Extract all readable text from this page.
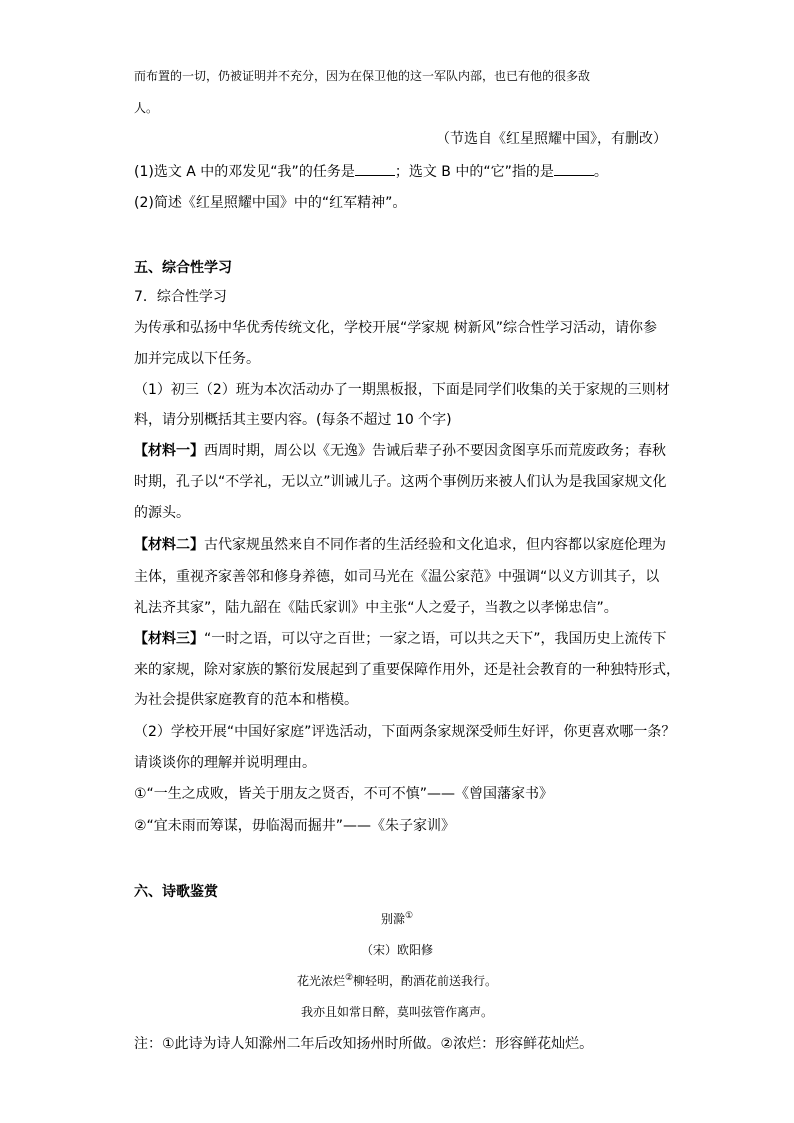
而布置的一切，仍被证明并不充分，因为在保卫他的这一军队内部，也已有他的很多敌
人。
（节选自《红星照耀中国》，有删改）
(1)选文 A 中的邓发见“我”的任务是	；选文 B 中的“它”指的是	。
(2)简述《红星照耀中国》中的“红军精神”。
五、综合性学习
7．综合性学习
为传承和弘扬中华优秀传统文化，学校开展“学家规 树新风”综合性学习活动，请你参
加并完成以下任务。
（1）初三（2）班为本次活动办了一期黑板报，下面是同学们收集的关于家规的三则材
料，请分别概括其主要内容。(每条不超过 10 个字)
【材料一】西周时期，周公以《无逸》告诫后辈子孙不要因贪图享乐而荒废政务；春秋
时期，孔子以“不学礼，无以立”训诫儿子。这两个事例历来被人们认为是我国家规文化
的源头。
【材料二】古代家规虽然来自不同作者的生活经验和文化追求，但内容都以家庭伦理为
主体，重视齐家善邻和修身养德，如司马光在《温公家范》中强调“以义方训其子，以
礼法齐其家”，陆九韶在《陆氏家训》中主张“人之爱子，当教之以孝悌忠信”。
【材料三】“一时之语，可以守之百世；一家之语，可以共之天下”，我国历史上流传下
来的家规，除对家族的繁衍发展起到了重要保障作用外，还是社会教育的一种独特形式，
为社会提供家庭教育的范本和楷模。
（2）学校开展“中国好家庭”评选活动，下面两条家规深受师生好评，你更喜欢哪一条？
请谈谈你的理解并说明理由。
①“一生之成败，皆关于朋友之贤否，不可不慎”——《曾国藩家书》
②“宜未雨而筹谋，毋临渴而掘井”——《朱子家训》
六、诗歌鉴赏
别滁①
（宋）欧阳修
花光浓烂②柳轻明，酌酒花前送我行。
我亦且如常日醉，莫叫弦管作离声。
注：①此诗为诗人知滁州二年后改知扬州时所做。②浓烂：形容鲜花灿烂。
